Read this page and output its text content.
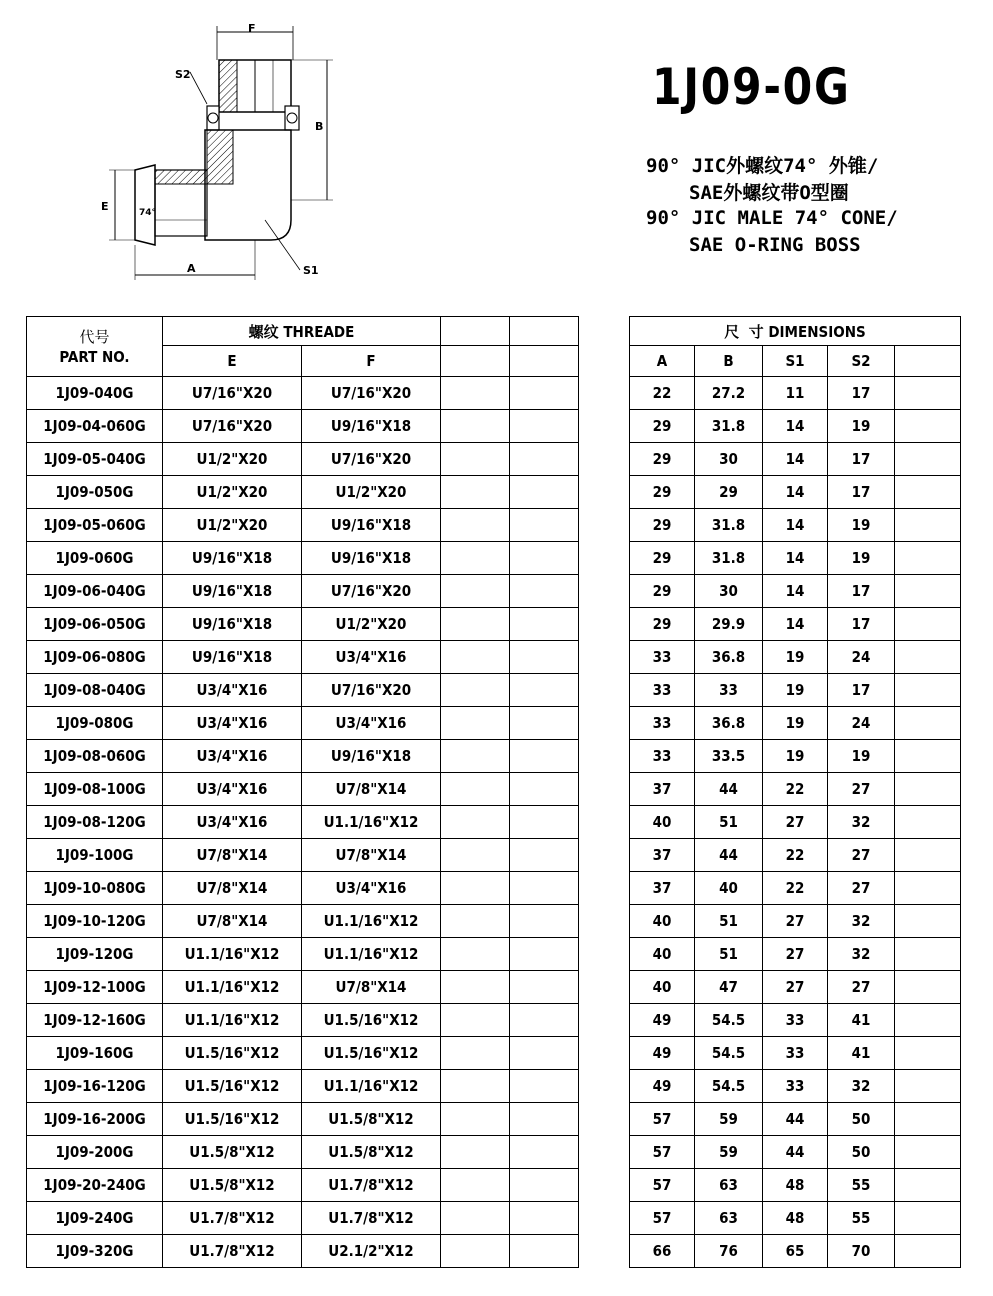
F
S2
B
E	74°
A	S1
1J09-0G
90° JIC外螺纹74° 外锥/
SAE外螺纹带O型圈
90° JIC MALE 74° CONE/
SAE O-RING BOSS
代号
PART NO.	螺纹 THREADE					尺  寸 DIMENSIONS				
	E	F				A	B	S1	S2	
1J09-040G	U7/16"X20	U7/16"X20				22	27.2	11	17	
1J09-04-060G	U7/16"X20	U9/16"X18				29	31.8	14	19	
1J09-05-040G	U1/2"X20	U7/16"X20				29	30	14	17	
1J09-050G	U1/2"X20	U1/2"X20				29	29	14	17	
1J09-05-060G	U1/2"X20	U9/16"X18				29	31.8	14	19	
1J09-060G	U9/16"X18	U9/16"X18				29	31.8	14	19	
1J09-06-040G	U9/16"X18	U7/16"X20				29	30	14	17	
1J09-06-050G	U9/16"X18	U1/2"X20				29	29.9	14	17	
1J09-06-080G	U9/16"X18	U3/4"X16				33	36.8	19	24	
1J09-08-040G	U3/4"X16	U7/16"X20				33	33	19	17	
1J09-080G	U3/4"X16	U3/4"X16				33	36.8	19	24	
1J09-08-060G	U3/4"X16	U9/16"X18				33	33.5	19	19	
1J09-08-100G	U3/4"X16	U7/8"X14				37	44	22	27	
1J09-08-120G	U3/4"X16	U1.1/16"X12				40	51	27	32	
1J09-100G	U7/8"X14	U7/8"X14				37	44	22	27	
1J09-10-080G	U7/8"X14	U3/4"X16				37	40	22	27	
1J09-10-120G	U7/8"X14	U1.1/16"X12				40	51	27	32	
1J09-120G	U1.1/16"X12	U1.1/16"X12				40	51	27	32	
1J09-12-100G	U1.1/16"X12	U7/8"X14				40	47	27	27	
1J09-12-160G	U1.1/16"X12	U1.5/16"X12				49	54.5	33	41	
1J09-160G	U1.5/16"X12	U1.5/16"X12				49	54.5	33	41	
1J09-16-120G	U1.5/16"X12	U1.1/16"X12				49	54.5	33	32	
1J09-16-200G	U1.5/16"X12	U1.5/8"X12				57	59	44	50	
1J09-200G	U1.5/8"X12	U1.5/8"X12				57	59	44	50	
1J09-20-240G	U1.5/8"X12	U1.7/8"X12				57	63	48	55	
1J09-240G	U1.7/8"X12	U1.7/8"X12				57	63	48	55	
1J09-320G	U1.7/8"X12	U2.1/2"X12				66	76	65	70	
